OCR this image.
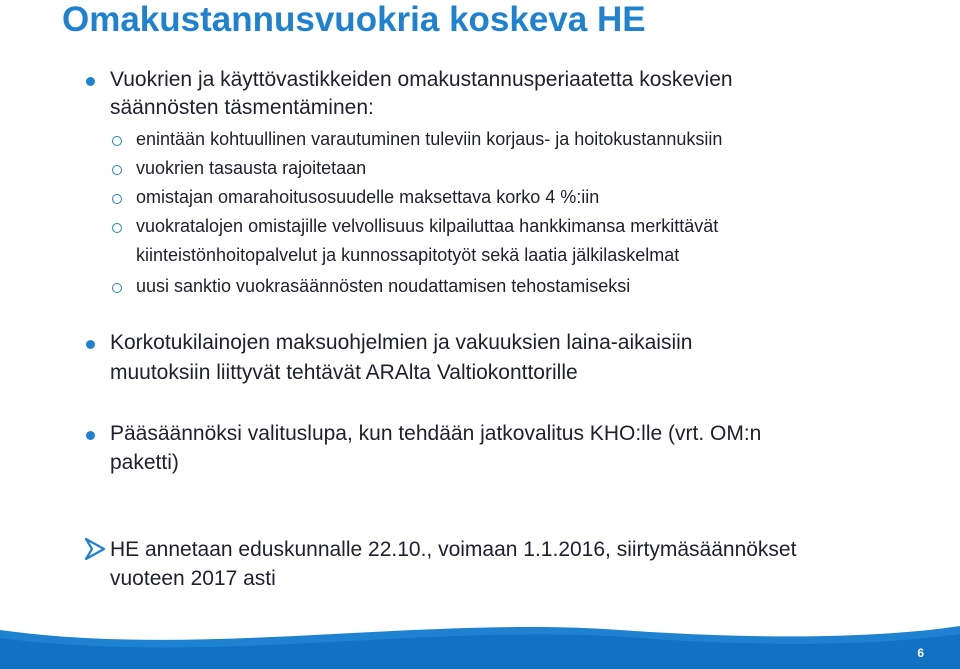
Omakustannusvuokria koskeva HE
Vuokrien ja käyttövastikkeiden omakustannusperiaatetta koskevien
säännösten täsmentäminen:
enintään kohtuullinen varautuminen tuleviin korjaus- ja hoitokustannuksiin
vuokrien tasausta rajoitetaan
omistajan omarahoitusosuudelle maksettava korko 4 %:iin
vuokratalojen omistajille velvollisuus kilpailuttaa hankkimansa merkittävät
kiinteistönhoitopalvelut ja kunnossapitotyöt sekä laatia jälkilaskelmat
uusi sanktio vuokrasäännösten noudattamisen tehostamiseksi
Korkotukilainojen maksuohjelmien ja vakuuksien laina-aikaisiin
muutoksiin liittyvät tehtävät ARAlta Valtiokonttorille
Pääsäännöksi valituslupa, kun tehdään jatkovalitus KHO:lle (vrt. OM:n
paketti)
HE annetaan eduskunnalle 22.10., voimaan 1.1.2016, siirtymäsäännökset
vuoteen 2017 asti
6
